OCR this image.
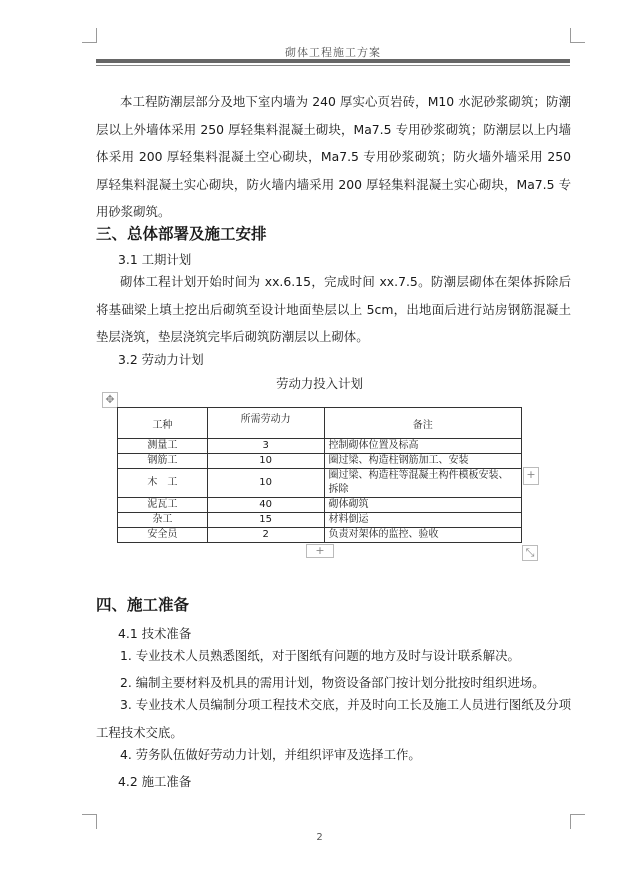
砌体工程施工方案

本工程防潮层部分及地下室内墙为 240 厚实心页岩砖，M10 水泥砂浆砌筑；防潮层以上外墙体采用 250 厚轻集料混凝土砌块，Ma7.5 专用砂浆砌筑；防潮层以上内墙体采用 200 厚轻集料混凝土空心砌块，Ma7.5 专用砂浆砌筑；防火墙外墙采用 250 厚轻集料混凝土实心砌块，防火墙内墙采用 200 厚轻集料混凝土实心砌块，Ma7.5 专用砂浆砌筑。

三、总体部署及施工安排

3.1 工期计划

砌体工程计划开始时间为 xx.6.15，完成时间 xx.7.5。防潮层砌体在架体拆除后将基础梁上填土挖出后砌筑至设计地面垫层以上 5cm，出地面后进行站房钢筋混凝土垫层浇筑，垫层浇筑完毕后砌筑防潮层以上砌体。

3.2 劳动力计划

劳动力投入计划
✥
工种	所需劳动力	备注
测量工	3	控制砌体位置及标高
钢筋工	10	圈过梁、构造柱钢筋加工、安装
木　工	10	圈过梁、构造柱等混凝土构件模板安装、拆除
泥瓦工	40	砌体砌筑
杂工	15	材料倒运
安全员	2	负责对架体的监控、验收
+
+	⤡

四、施工准备

4.1 技术准备

1. 专业技术人员熟悉图纸，对于图纸有问题的地方及时与设计联系解决。

2. 编制主要材料及机具的需用计划，物资设备部门按计划分批按时组织进场。

3. 专业技术人员编制分项工程技术交底，并及时向工长及施工人员进行图纸及分项工程技术交底。

4. 劳务队伍做好劳动力计划，并组织评审及选择工作。

4.2 施工准备

2
